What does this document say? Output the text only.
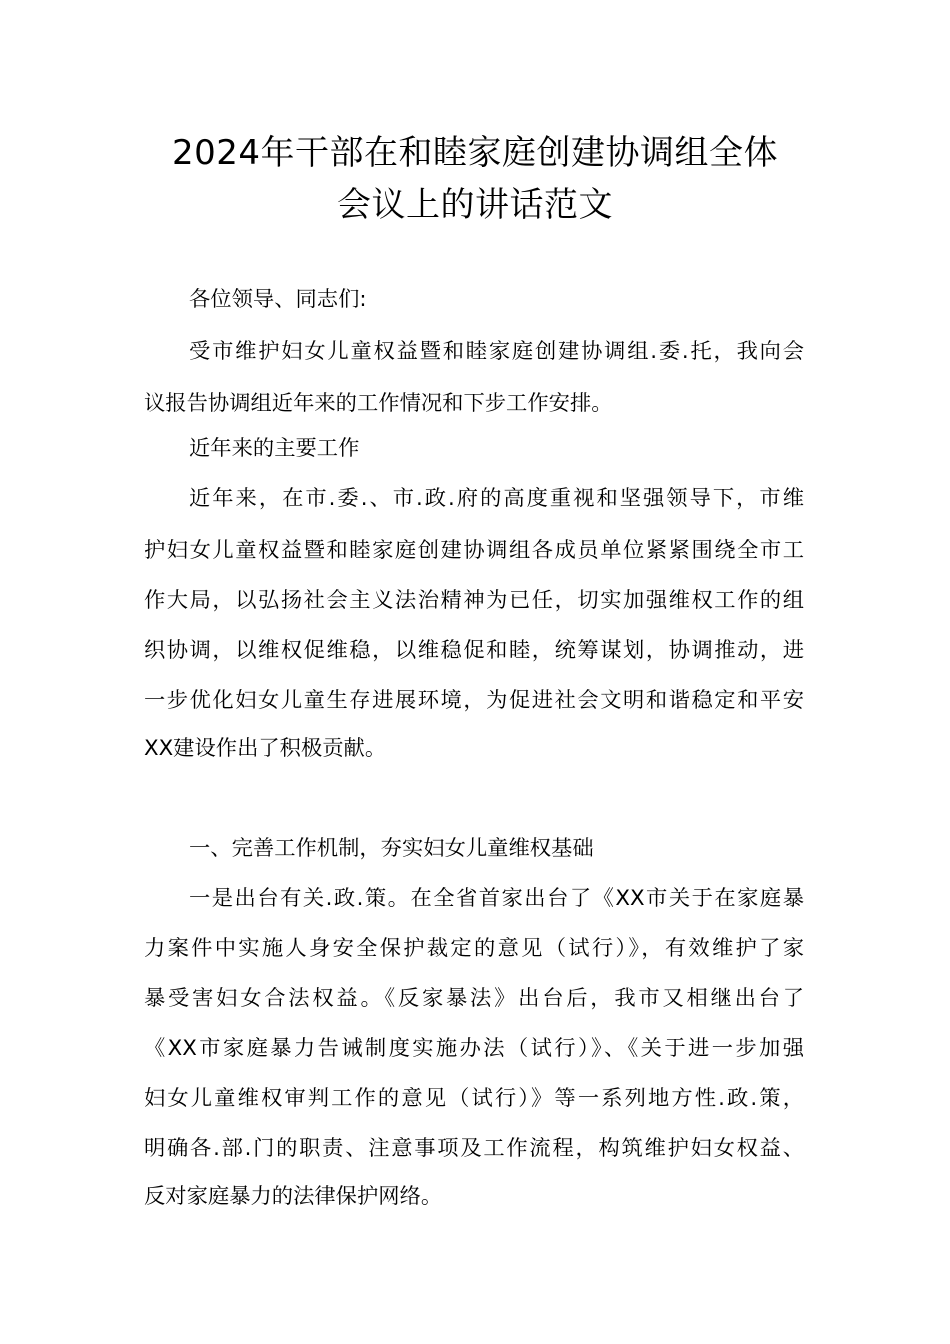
2024年干部在和睦家庭创建协调组全体
会议上的讲话范文

各位领导、同志们:

受市维护妇女儿童权益暨和睦家庭创建协调组.委.托，我向会

议报告协调组近年来的工作情况和下步工作安排。

近年来的主要工作

近年来，在市.委.、市.政.府的高度重视和坚强领导下，市维

护妇女儿童权益暨和睦家庭创建协调组各成员单位紧紧围绕全市工

作大局，以弘扬社会主义法治精神为已任，切实加强维权工作的组

织协调，以维权促维稳，以维稳促和睦，统筹谋划，协调推动，进

一步优化妇女儿童生存进展环境，为促进社会文明和谐稳定和平安

XX建设作出了积极贡献。

一、完善工作机制，夯实妇女儿童维权基础

一是出台有关.政.策。在全省首家出台了《XX市关于在家庭暴

力案件中实施人身安全保护裁定的意见（试行）》，有效维护了家

暴受害妇女合法权益。《反家暴法》出台后，我市又相继出台了

《XX市家庭暴力告诫制度实施办法（试行）》、《关于进一步加强

妇女儿童维权审判工作的意见（试行）》等一系列地方性.政.策，

明确各.部.门的职责、注意事项及工作流程，构筑维护妇女权益、

反对家庭暴力的法律保护网络。
